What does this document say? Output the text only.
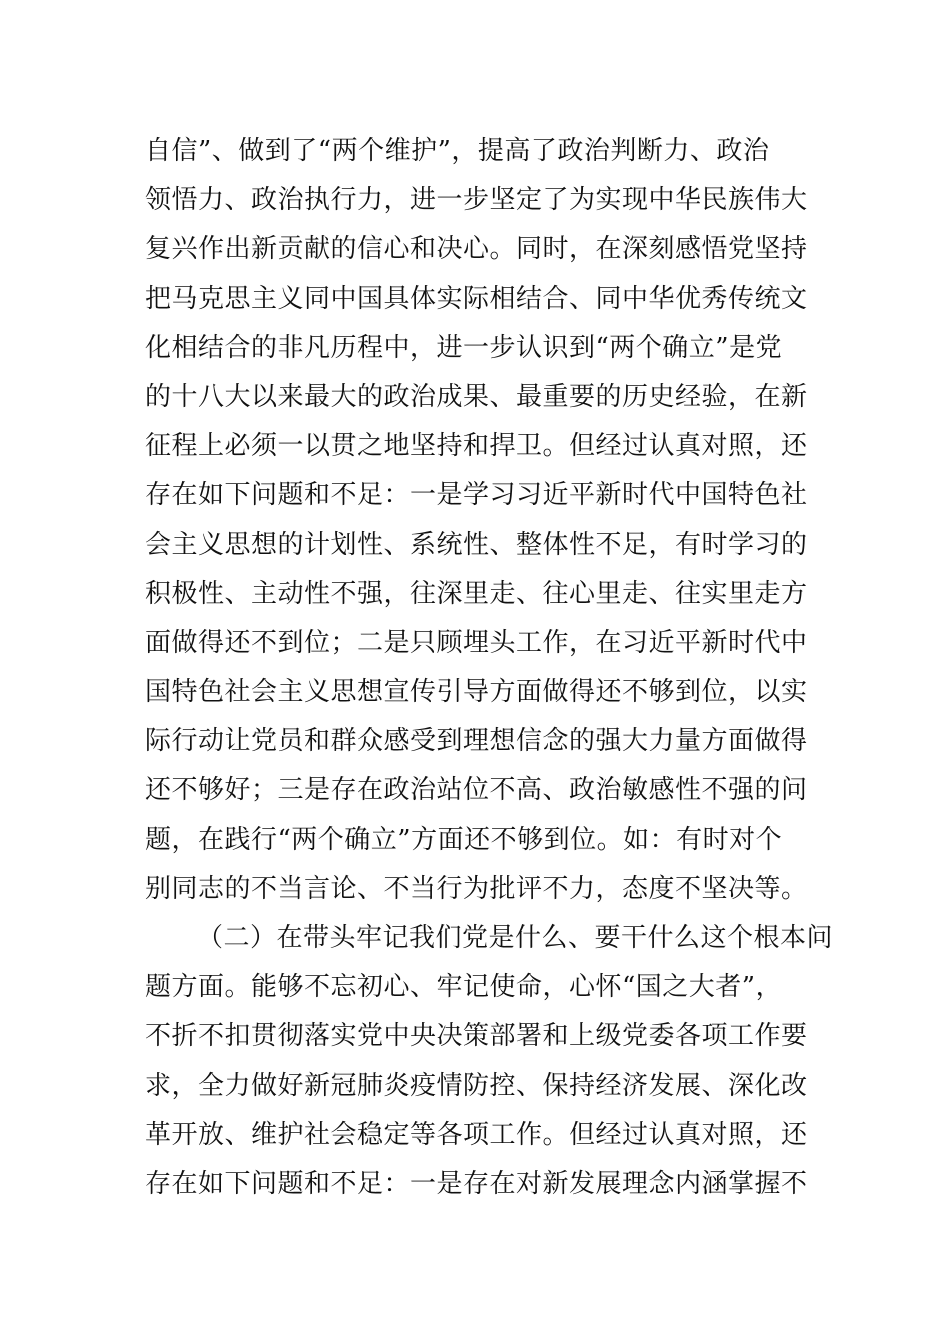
自信”、做到了“两个维护”，提高了政治判断力、政治
领悟力、政治执行力，进一步坚定了为实现中华民族伟大
复兴作出新贡献的信心和决心。同时，在深刻感悟党坚持
把马克思主义同中国具体实际相结合、同中华优秀传统文
化相结合的非凡历程中，进一步认识到“两个确立”是党
的十八大以来最大的政治成果、最重要的历史经验，在新
征程上必须一以贯之地坚持和捍卫。但经过认真对照，还
存在如下问题和不足：一是学习习近平新时代中国特色社
会主义思想的计划性、系统性、整体性不足，有时学习的
积极性、主动性不强，往深里走、往心里走、往实里走方
面做得还不到位；二是只顾埋头工作，在习近平新时代中
国特色社会主义思想宣传引导方面做得还不够到位，以实
际行动让党员和群众感受到理想信念的强大力量方面做得
还不够好；三是存在政治站位不高、政治敏感性不强的问
题，在践行“两个确立”方面还不够到位。如：有时对个
别同志的不当言论、不当行为批评不力，态度不坚决等。
（二）在带头牢记我们党是什么、要干什么这个根本问
题方面。能够不忘初心、牢记使命，心怀“国之大者”，
不折不扣贯彻落实党中央决策部署和上级党委各项工作要
求，全力做好新冠肺炎疫情防控、保持经济发展、深化改
革开放、维护社会稳定等各项工作。但经过认真对照，还
存在如下问题和不足：一是存在对新发展理念内涵掌握不
